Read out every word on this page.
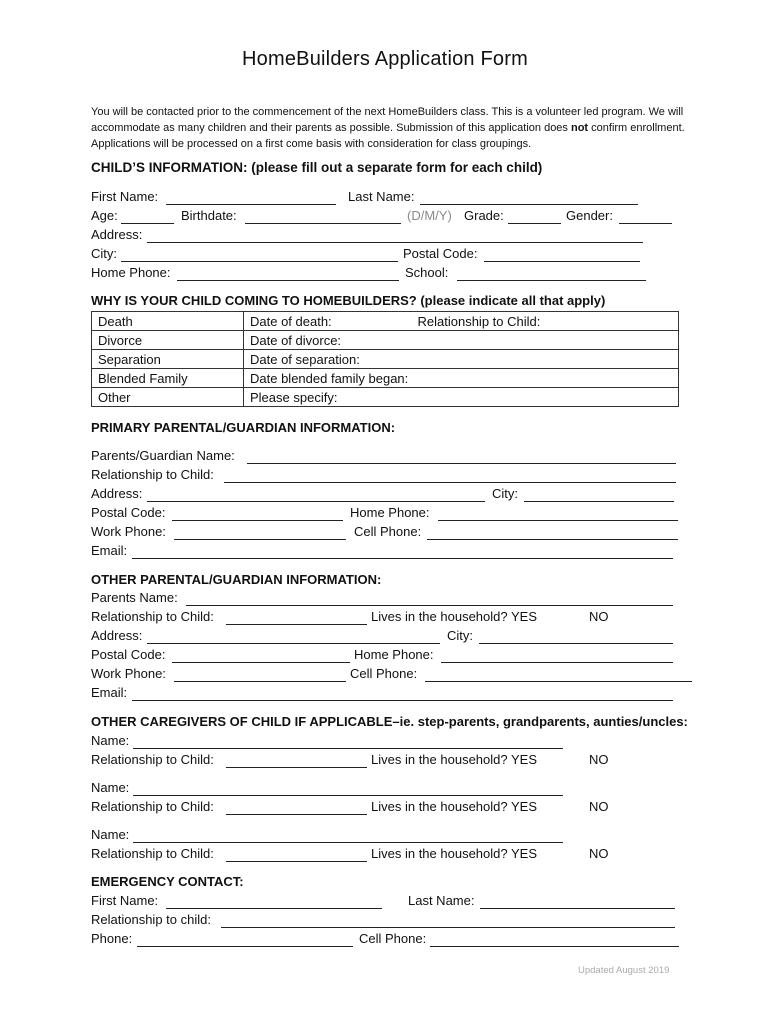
HomeBuilders Application Form

You will be contacted prior to the commencement of the next HomeBuilders class. This is a volunteer led program. We will accommodate as many children and their parents as possible. Submission of this application does not confirm enrollment. Applications will be processed on a first come basis with consideration for class groupings.

CHILD’S INFORMATION: (please fill out a separate form for each child)
First Name:	Last Name:
Age:	Birthdate:	(D/M/Y) Grade:	Gender:
Address:
City:	Postal Code:
Home Phone:	School:
WHY IS YOUR CHILD COMING TO HOMEBUILDERS? (please indicate all that apply)
Death	Date of death: Relationship to Child:

Divorce	Date of divorce:
Separation	Date of separation:
Blended Family	Date blended family began:
Other	Please specify:
PRIMARY PARENTAL/GUARDIAN INFORMATION:
Parents/Guardian Name:
Relationship to Child:
Address:	City:
Postal Code:	Home Phone:
Work Phone:	Cell Phone:
Email:
OTHER PARENTAL/GUARDIAN INFORMATION:
Parents Name:
Relationship to Child:	Lives in the household? YES	NO
Address:	City:
Postal Code:	Home Phone:
Work Phone:	Cell Phone:
Email:
OTHER CAREGIVERS OF CHILD IF APPLICABLE–ie. step-parents, grandparents, aunties/uncles:
Name:
Relationship to Child:	Lives in the household? YES	NO
Name:
Relationship to Child:	Lives in the household? YES	NO
Name:
Relationship to Child:	Lives in the household? YES	NO
EMERGENCY CONTACT:
First Name:	Last Name:
Relationship to child:
Phone:	Cell Phone:
Updated August 2019
